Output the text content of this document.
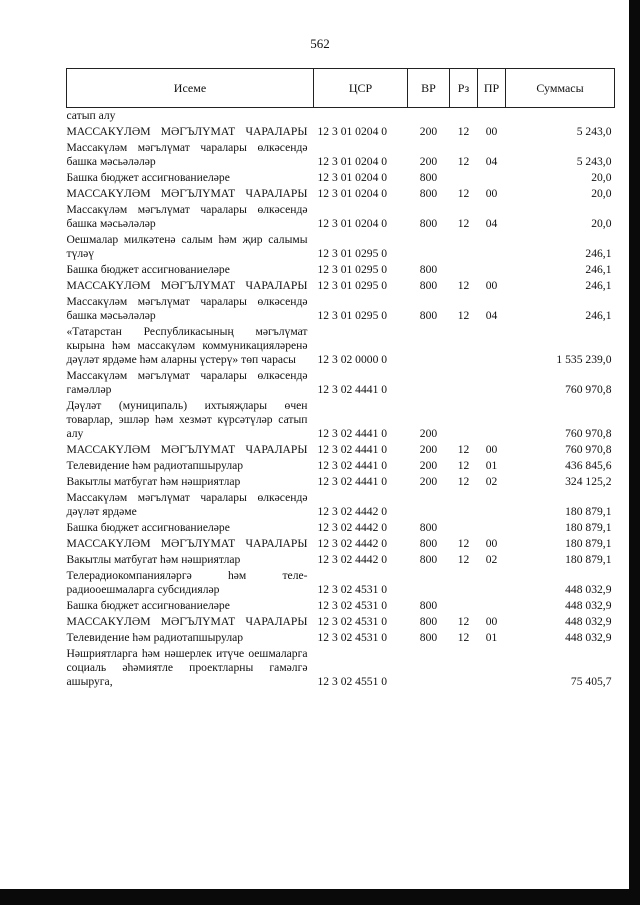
562
Исеме	ЦСР	ВР	Рз	ПР	Суммасы
сатып алу					
МАССАКҮЛӘМ МӘГЪЛҮМАТ ЧАРАЛАРЫ	12 3 01 0204 0	200	12	00	5 243,0
Массакүләм мәгълүмат чаралары өлкәсендә башка мәсьәләләр	12 3 01 0204 0	200	12	04	5 243,0
Башка бюджет ассигнованиеләре	12 3 01 0204 0	800			20,0
МАССАКҮЛӘМ МӘГЪЛҮМАТ ЧАРАЛАРЫ	12 3 01 0204 0	800	12	00	20,0
Массакүләм мәгълүмат чаралары өлкәсендә башка мәсьәләләр	12 3 01 0204 0	800	12	04	20,0
Оешмалар милкәтенә салым һәм җир салымы түләү	12 3 01 0295 0				246,1
Башка бюджет ассигнованиеләре	12 3 01 0295 0	800			246,1
МАССАКҮЛӘМ МӘГЪЛҮМАТ ЧАРАЛАРЫ	12 3 01 0295 0	800	12	00	246,1
Массакүләм мәгълүмат чаралары өлкәсендә башка мәсьәләләр	12 3 01 0295 0	800	12	04	246,1
«Татарстан Республикасының мәгълүмат кырына һәм массакүләм коммуникацияләренә дәүләт ярдәме һәм аларны үстерү» төп чарасы	12 3 02 0000 0				1 535 239,0
Массакүләм мәгълүмат чаралары өлкәсендә гамәлләр	12 3 02 4441 0				760 970,8
Дәүләт (муниципаль) ихтыяҗлары өчен товарлар, эшләр һәм хезмәт күрсәтүләр сатып алу	12 3 02 4441 0	200			760 970,8
МАССАКҮЛӘМ МӘГЪЛҮМАТ ЧАРАЛАРЫ	12 3 02 4441 0	200	12	00	760 970,8
Телевидение һәм радиотапшырулар	12 3 02 4441 0	200	12	01	436 845,6
Вакытлы матбугат һәм нәшриятлар	12 3 02 4441 0	200	12	02	324 125,2
Массакүләм мәгълүмат чаралары өлкәсендә дәүләт ярдәме	12 3 02 4442 0				180 879,1
Башка бюджет ассигнованиеләре	12 3 02 4442 0	800			180 879,1
МАССАКҮЛӘМ МӘГЪЛҮМАТ ЧАРАЛАРЫ	12 3 02 4442 0	800	12	00	180 879,1
Вакытлы матбугат һәм нәшриятлар	12 3 02 4442 0	800	12	02	180 879,1
Телерадиокомпанияләргә һәм теле-радиооешмаларга субсидияләр	12 3 02 4531 0				448 032,9
Башка бюджет ассигнованиеләре	12 3 02 4531 0	800			448 032,9
МАССАКҮЛӘМ МӘГЪЛҮМАТ ЧАРАЛАРЫ	12 3 02 4531 0	800	12	00	448 032,9
Телевидение һәм радиотапшырулар	12 3 02 4531 0	800	12	01	448 032,9
Нәшриятларга һәм нәшерлек итүче оешмаларга социаль әһәмиятле проектларны гамәлгә ашыруга,	12 3 02 4551 0				75 405,7
